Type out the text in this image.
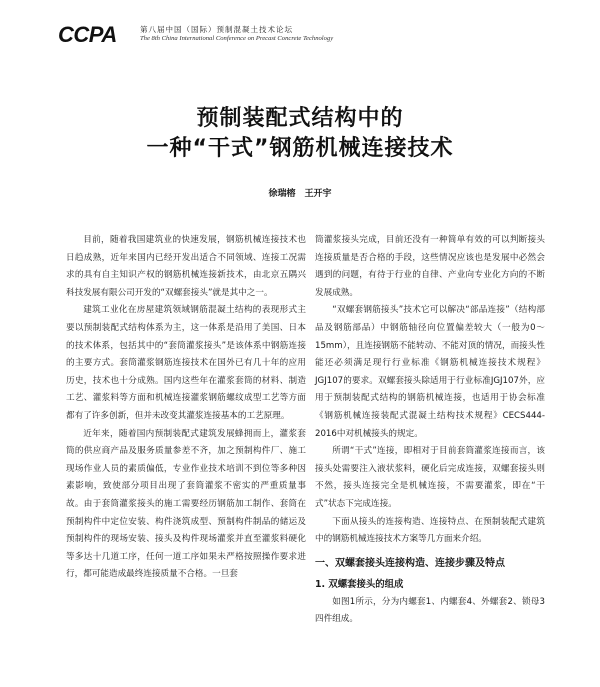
CCPA	第八届中国（国际）预制混凝土技术论坛
The 8th China International Conference on Precast Concrete Technology
预制装配式结构中的
一种“干式”钢筋机械连接技术
徐瑞榕　王开宇

目前，随着我国建筑业的快速发展，钢筋机械连接技术也日趋成熟，近年来国内已经开发出适合不同领域、连接工况需求的具有自主知识产权的钢筋机械连接新技术，由北京五隅兴科技发展有限公司开发的“双螺套接头”就是其中之一。

建筑工业化在房屋建筑领域钢筋混凝土结构的表现形式主要以预制装配式结构体系为主，这一体系是沿用了美国、日本的技术体系，包括其中的“套筒灌浆接头”是该体系中钢筋连接的主要方式。套筒灌浆钢筋连接技术在国外已有几十年的应用历史，技术也十分成熟。国内这些年在灌浆套筒的材料、制造工艺、灌浆料等方面和机械连接灌浆钢筋螺纹成型工艺等方面都有了许多创新，但并未改变其灌浆连接基本的工艺原理。

近年来，随着国内预制装配式建筑发展蜂拥而上，灌浆套筒的供应商产品及服务质量参差不齐，加之预制构件厂、施工现场作业人员的素质偏低，专业作业技术培训不到位等多种因素影响，致使部分项目出现了套筒灌浆不密实的严重质量事故。由于套筒灌浆接头的施工需要经历钢筋加工制作、套筒在预制构件中定位安装、构件浇筑成型、预制构件制品的储运及预制构件的现场安装、接头及构件现场灌浆并直至灌浆料硬化等多达十几道工序，任何一道工序如果未严格按照操作要求进行，都可能造成最终连接质量不合格。一旦套

筒灌浆接头完成，目前还没有一种简单有效的可以判断接头连接质量是否合格的手段，这些情况应该也是发展中必然会遇到的问题，有待于行业的自律、产业向专业化方向的不断发展成熟。

“双螺套钢筋接头”技术它可以解决“部品连接”（结构部品及钢筋部品）中钢筋轴径向位置偏差较大（一般为0～15mm），且连接钢筋不能转动、不能对顶的情况，而接头性能还必须满足现行行业标准《钢筋机械连接技术规程》JGJ107的要求。双螺套接头除适用于行业标准JGJ107外，应用于预制装配式结构的钢筋机械连接，也适用于协会标准《钢筋机械连接装配式混凝土结构技术规程》CECS444-2016中对机械接头的规定。

所谓“干式”连接，即相对于目前套筒灌浆连接而言，该接头处需要注入液状浆料，硬化后完成连接，双螺套接头则不然，接头连接完全是机械连接，不需要灌浆，即在“干式”状态下完成连接。

下面从接头的连接构造、连接特点、在预制装配式建筑中的钢筋机械连接技术方案等几方面来介绍。

一、双螺套接头连接构造、连接步骤及特点

1. 双螺套接头的组成

如图1所示，分为内螺套1、内螺套4、外螺套2、锁母3四件组成。
